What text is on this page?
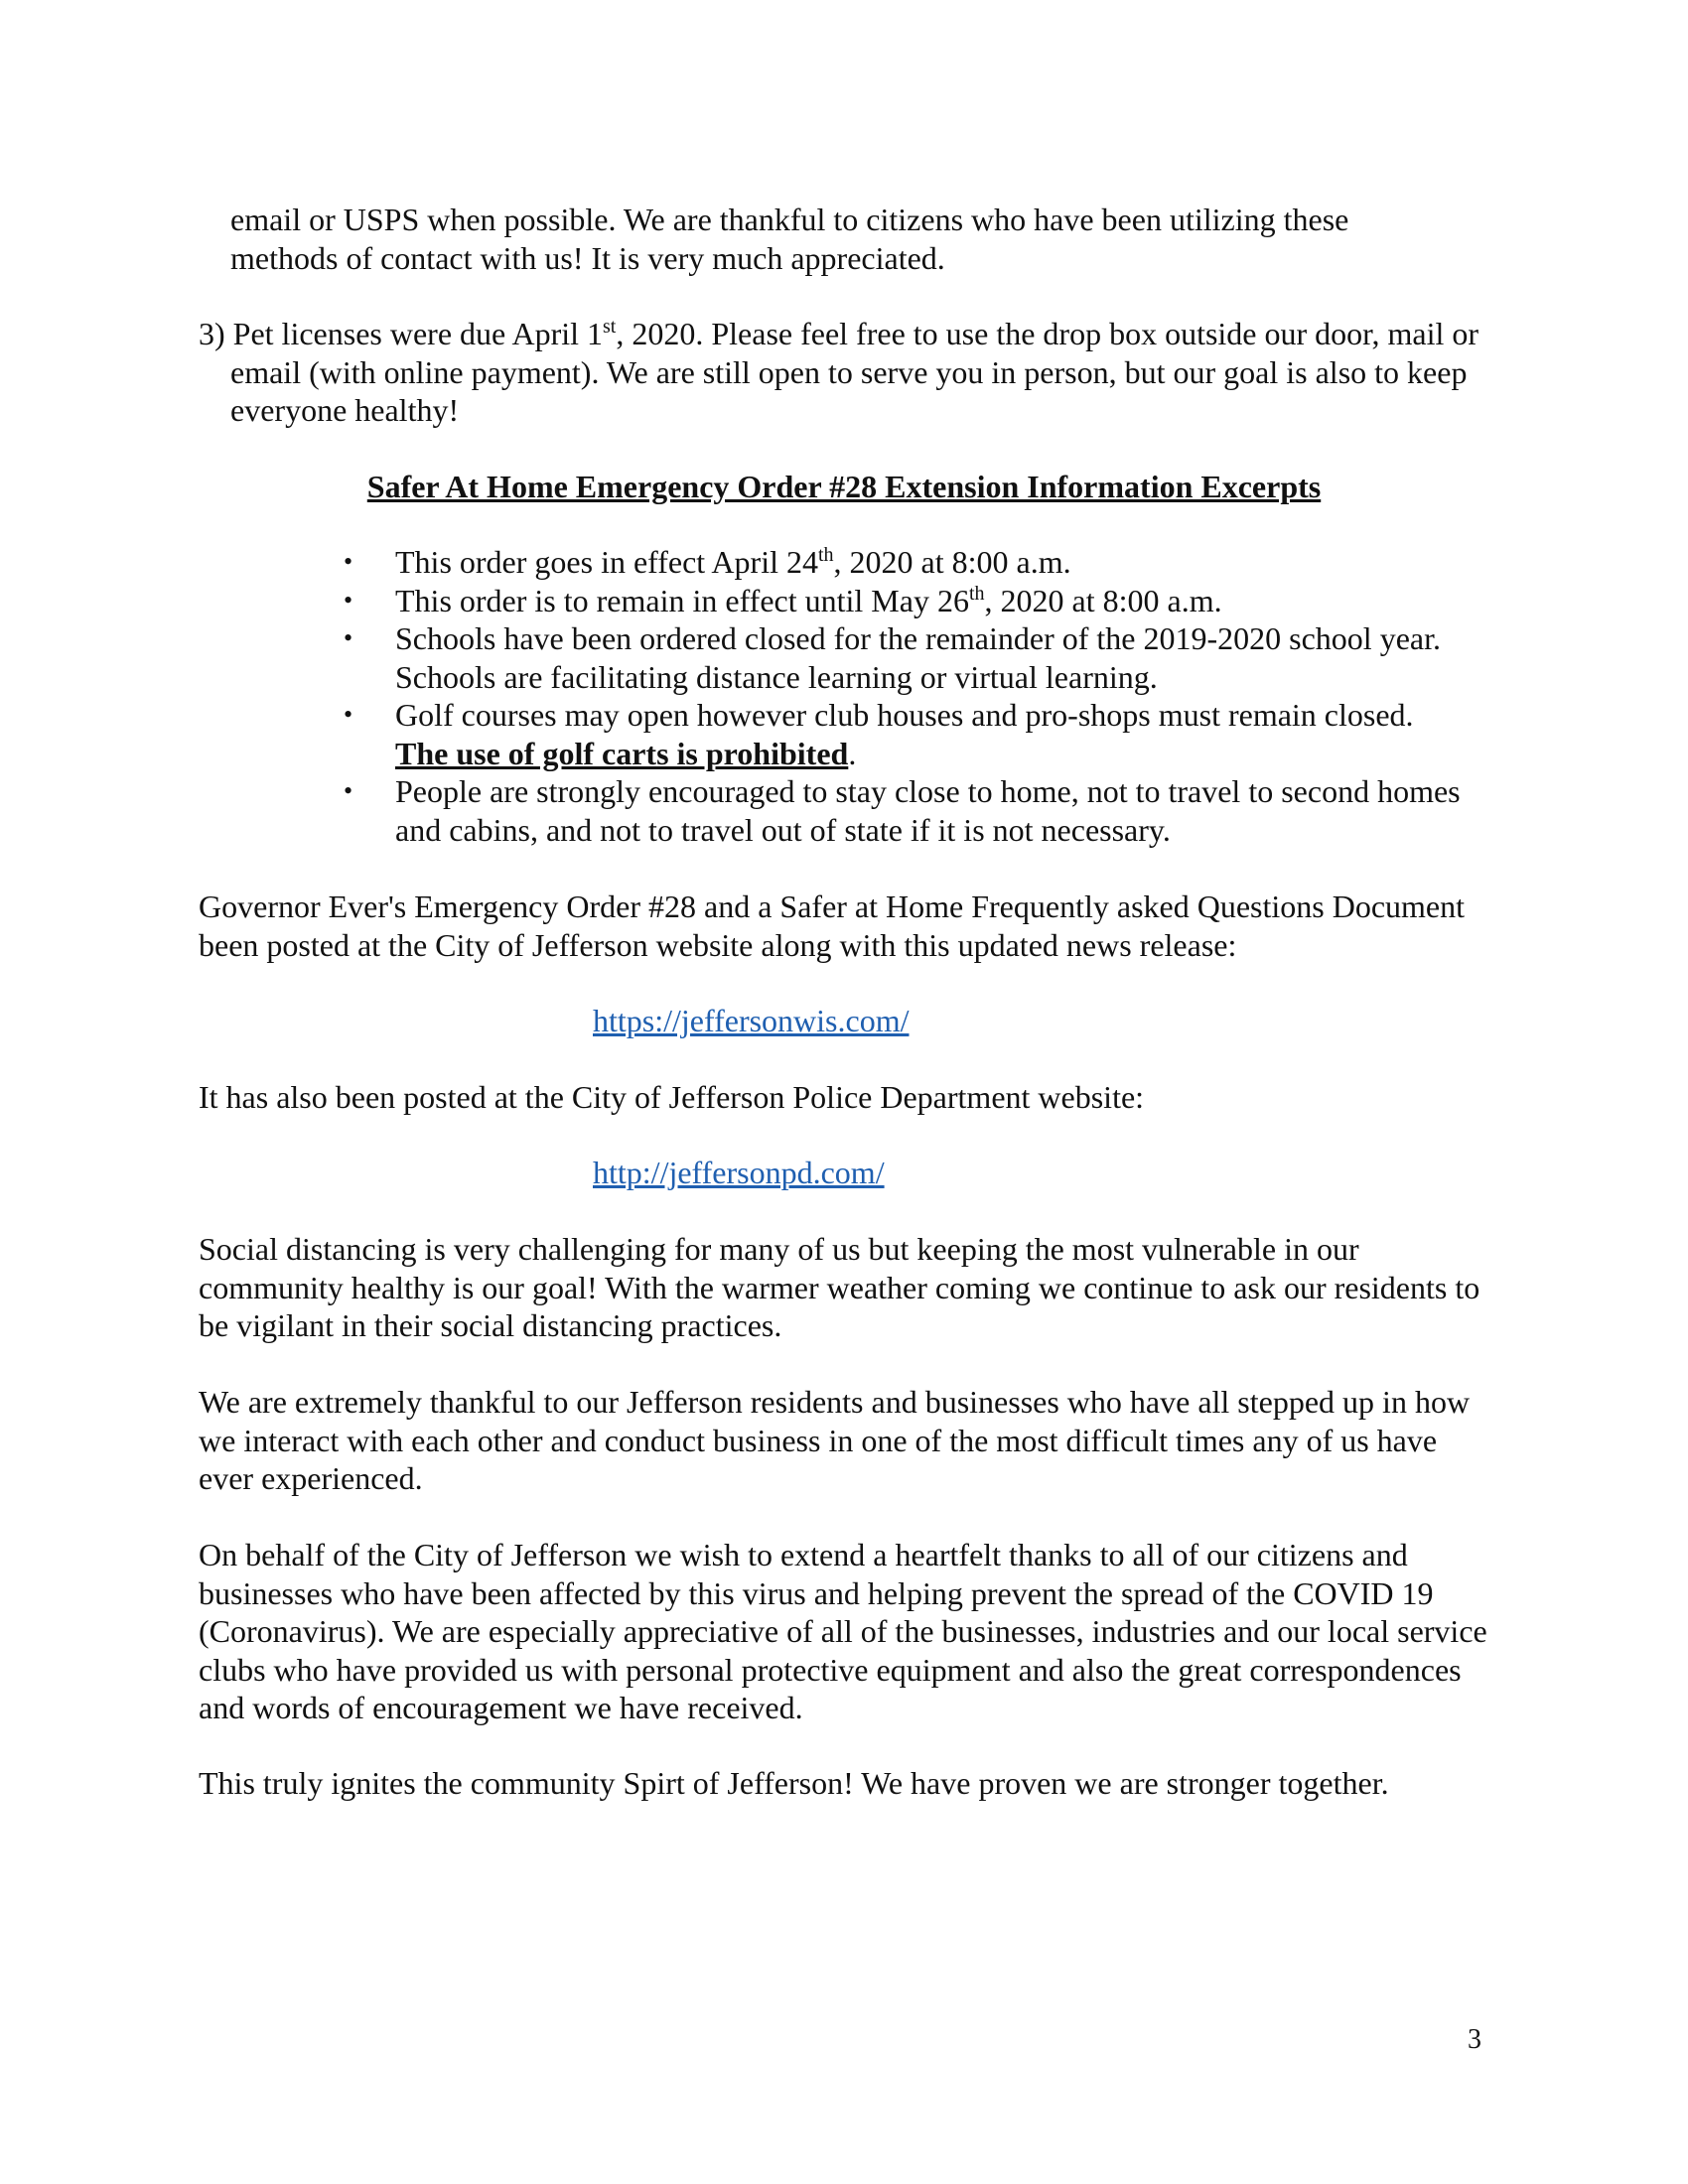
email or USPS when possible. We are thankful to citizens who have been utilizing these
methods of contact with us! It is very much appreciated.

3) Pet licenses were due April 1st, 2020. Please feel free to use the drop box outside our door, mail or email (with online payment). We are still open to serve you in person, but our goal is also to keep everyone healthy!

Safer At Home Emergency Order #28 Extension Information Excerpts
• This order goes in effect April 24th, 2020 at 8:00 a.m.
• This order is to remain in effect until May 26th, 2020 at 8:00 a.m.
• Schools have been ordered closed for the remainder of the 2019-2020 school year. Schools are facilitating distance learning or virtual learning.
• Golf courses may open however club houses and pro-shops must remain closed.
The use of golf carts is prohibited.
• People are strongly encouraged to stay close to home, not to travel to second homes and cabins, and not to travel out of state if it is not necessary.

Governor Ever's Emergency Order #28 and a Safer at Home Frequently asked Questions Document been posted at the City of Jefferson website along with this updated news release:

https://jeffersonwis.com/

It has also been posted at the City of Jefferson Police Department website:

http://jeffersonpd.com/

Social distancing is very challenging for many of us but keeping the most vulnerable in our community healthy is our goal! With the warmer weather coming we continue to ask our residents to be vigilant in their social distancing practices.

We are extremely thankful to our Jefferson residents and businesses who have all stepped up in how we interact with each other and conduct business in one of the most difficult times any of us have ever experienced.

On behalf of the City of Jefferson we wish to extend a heartfelt thanks to all of our citizens and businesses who have been affected by this virus and helping prevent the spread of the COVID 19 (Coronavirus). We are especially appreciative of all of the businesses, industries and our local service clubs who have provided us with personal protective equipment and also the great correspondences and words of encouragement we have received.

This truly ignites the community Spirt of Jefferson! We have proven we are stronger together.

3
